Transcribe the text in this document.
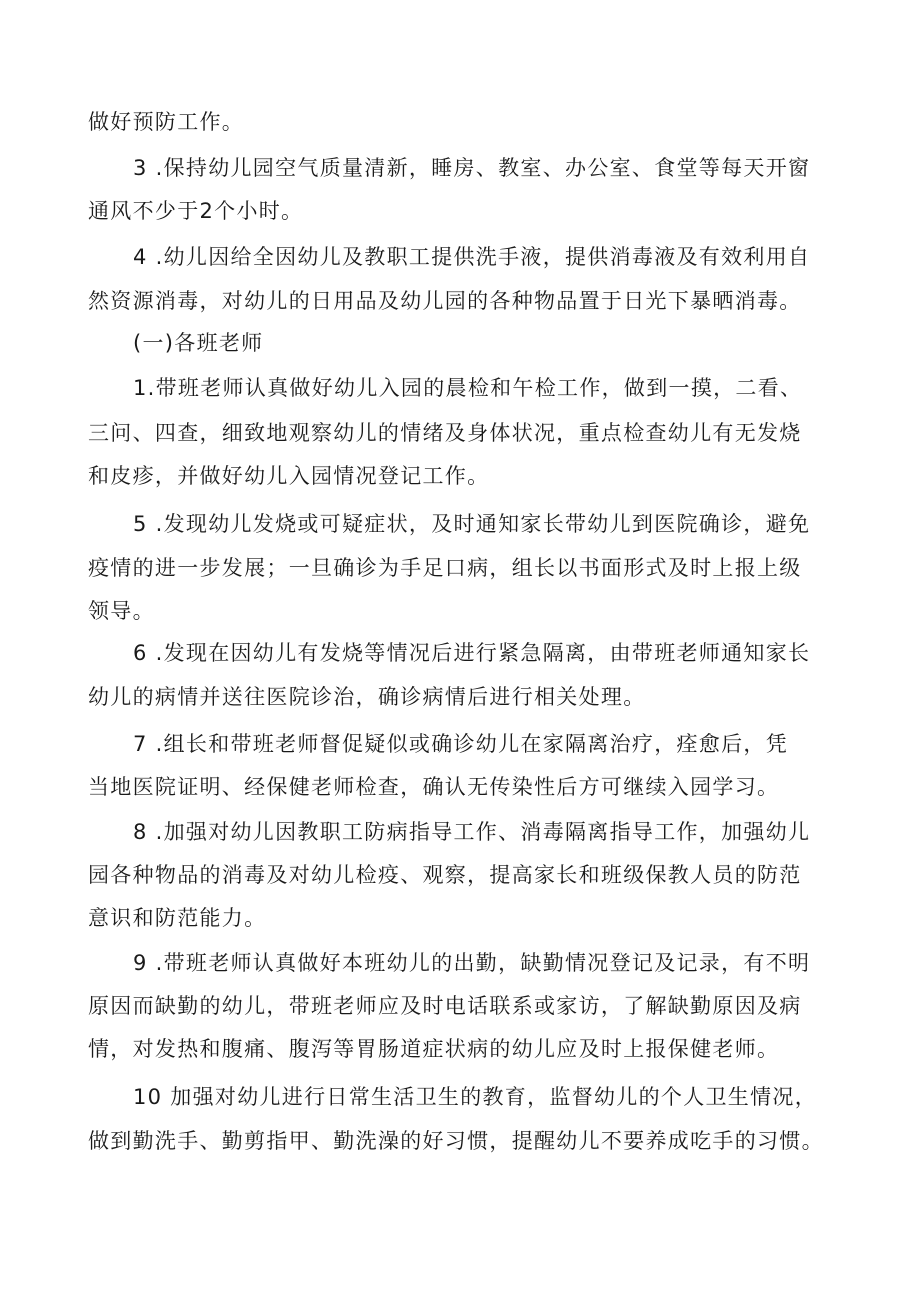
做好预防工作。
3 .保持幼儿园空气质量清新，睡房、教室、办公室、食堂等每天开窗
通风不少于2个小时。
4 .幼儿因给全因幼儿及教职工提供洗手液，提供消毒液及有效利用自
然资源消毒，对幼儿的日用品及幼儿园的各种物品置于日光下暴晒消毒。
(一)各班老师
1.带班老师认真做好幼儿入园的晨检和午检工作，做到一摸，二看、
三问、四查，细致地观察幼儿的情绪及身体状况，重点检查幼儿有无发烧
和皮疹，并做好幼儿入园情况登记工作。
5 .发现幼儿发烧或可疑症状，及时通知家长带幼儿到医院确诊，避免
疫情的进一步发展；一旦确诊为手足口病，组长以书面形式及时上报上级
领导。
6 .发现在因幼儿有发烧等情况后进行紧急隔离，由带班老师通知家长
幼儿的病情并送往医院诊治，确诊病情后进行相关处理。
7 .组长和带班老师督促疑似或确诊幼儿在家隔离治疗，痊愈后，凭
当地医院证明、经保健老师检查，确认无传染性后方可继续入园学习。
8 .加强对幼儿因教职工防病指导工作、消毒隔离指导工作，加强幼儿
园各种物品的消毒及对幼儿检疫、观察，提高家长和班级保教人员的防范
意识和防范能力。
9 .带班老师认真做好本班幼儿的出勤，缺勤情况登记及记录，有不明
原因而缺勤的幼儿，带班老师应及时电话联系或家访，了解缺勤原因及病
情，对发热和腹痛、腹泻等胃肠道症状病的幼儿应及时上报保健老师。
10 加强对幼儿进行日常生活卫生的教育，监督幼儿的个人卫生情况，
做到勤洗手、勤剪指甲、勤洗澡的好习惯，提醒幼儿不要养成吃手的习惯。
